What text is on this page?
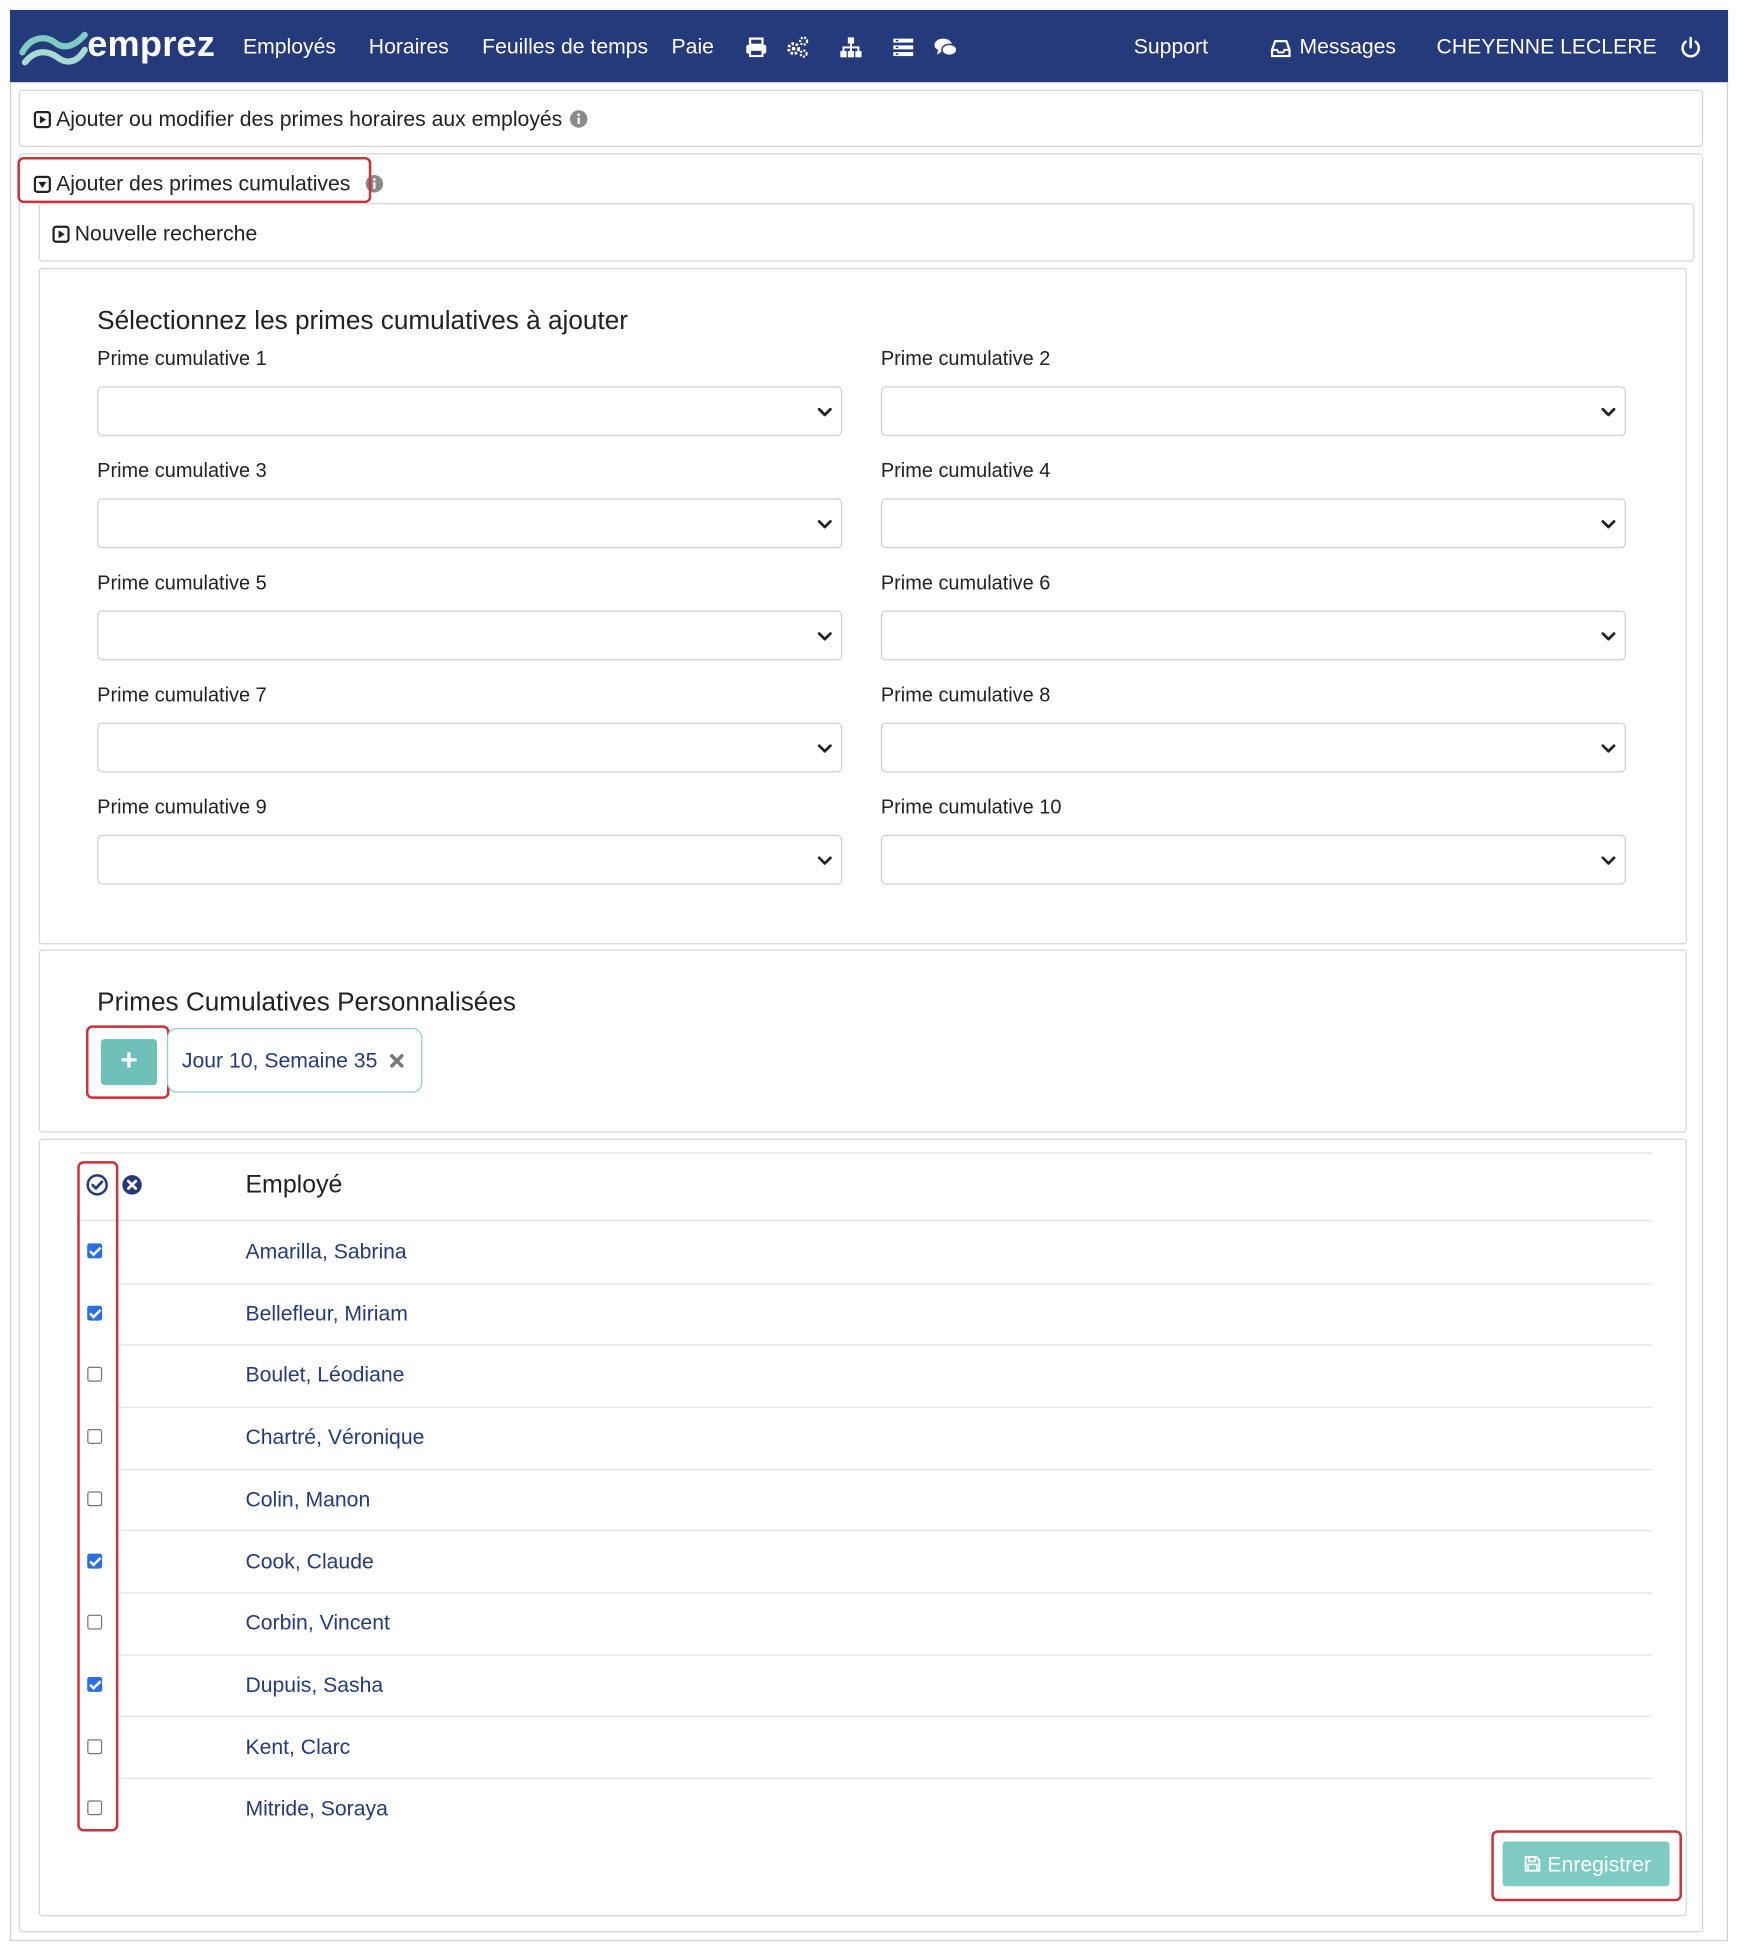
emprez Employés Horaires Feuilles de temps Paie	Support	Messages CHEYENNE LECLERE
Ajouter ou modifier des primes horaires aux employés
Ajouter des primes cumulatives
Nouvelle recherche
Sélectionnez les primes cumulatives à ajouter
Prime cumulative 1	Prime cumulative 2
Prime cumulative 3	Prime cumulative 4
Prime cumulative 5	Prime cumulative 6
Prime cumulative 7	Prime cumulative 8
Prime cumulative 9	Prime cumulative 10
Primes Cumulatives Personnalisées
+	Jour 10, Semaine 35
Employé
Amarilla, Sabrina
Bellefleur, Miriam
Boulet, Léodiane
Chartré, Véronique
Colin, Manon
Cook, Claude
Corbin, Vincent
Dupuis, Sasha
Kent, Clarc
Mitride, Soraya
Enregistrer
